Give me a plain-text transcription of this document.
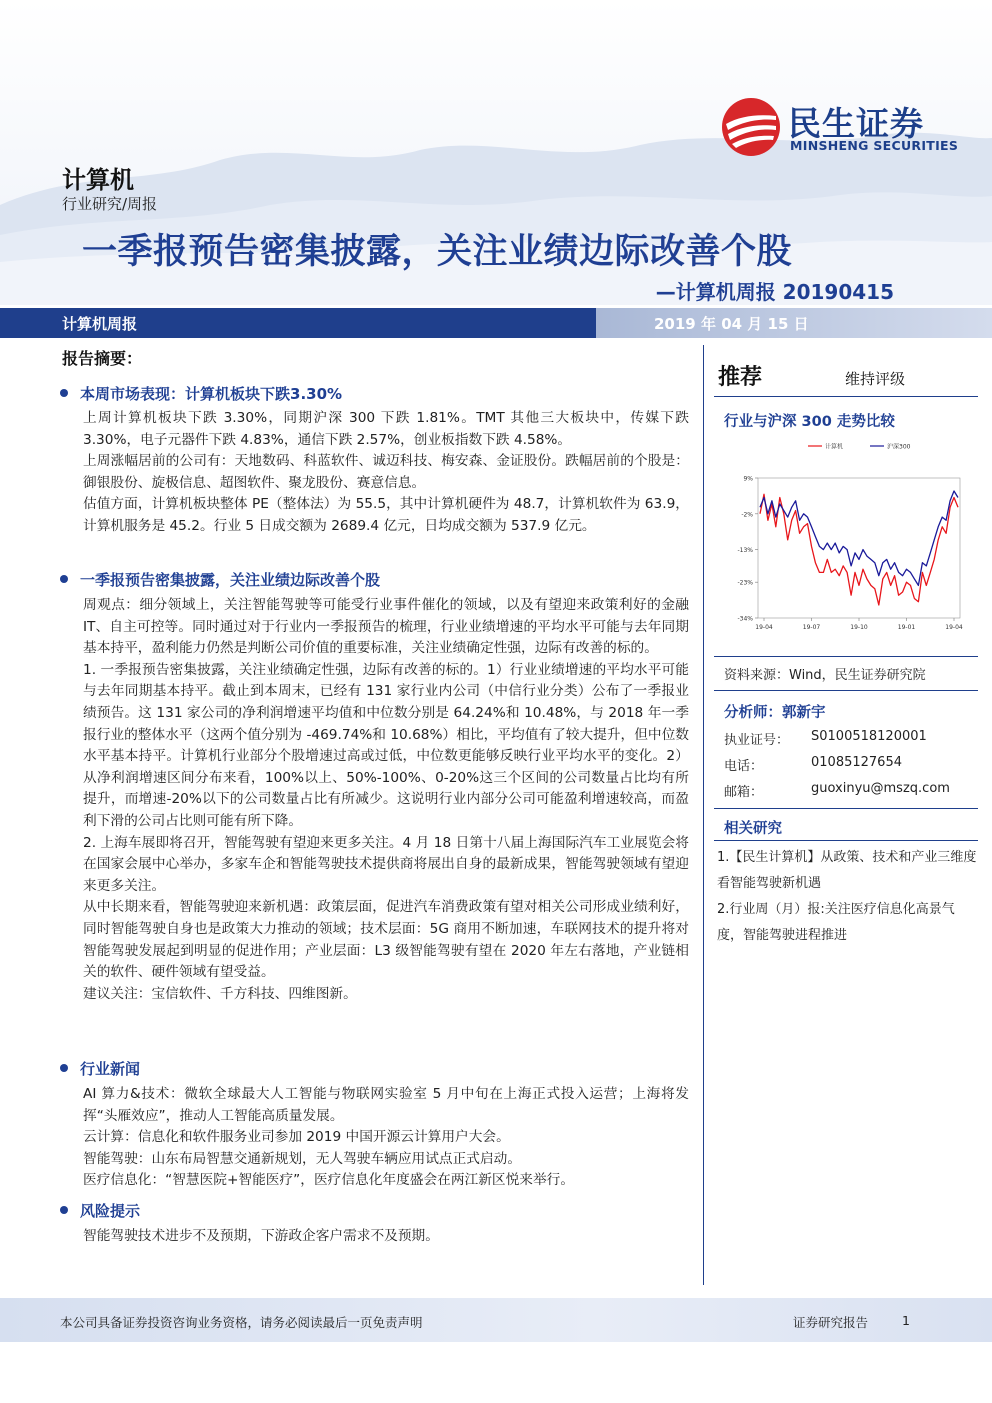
民生证券
MINSHENG SECURITIES
计算机
行业研究/周报
一季报预告密集披露，关注业绩边际改善个股
—计算机周报 20190415
计算机周报	2019 年 04 月 15 日
报告摘要：
本周市场表现：计算机板块下跌3.30%

上周计算机板块下跌 3.30%，同期沪深 300 下跌 1.81%。TMT 其他三大板块中，传媒下跌 3.30%，电子元器件下跌 4.83%，通信下跌 2.57%，创业板指数下跌 4.58%。

上周涨幅居前的公司有：天地数码、科蓝软件、诚迈科技、梅安森、金证股份。跌幅居前的个股是：御银股份、旋极信息、超图软件、聚龙股份、赛意信息。

估值方面，计算机板块整体 PE（整体法）为 55.5，其中计算机硬件为 48.7，计算机软件为 63.9，计算机服务是 45.2。行业 5 日成交额为 2689.4 亿元，日均成交额为 537.9 亿元。

一季报预告密集披露，关注业绩边际改善个股

周观点：细分领域上，关注智能驾驶等可能受行业事件催化的领域，以及有望迎来政策利好的金融 IT、自主可控等。同时通过对于行业内一季报预告的梳理，行业业绩增速的平均水平可能与去年同期基本持平，盈利能力仍然是判断公司价值的重要标准，关注业绩确定性强，边际有改善的标的。

1. 一季报预告密集披露，关注业绩确定性强，边际有改善的标的。1）行业业绩增速的平均水平可能与去年同期基本持平。截止到本周末，已经有 131 家行业内公司（中信行业分类）公布了一季报业绩预告。这 131 家公司的净利润增速平均值和中位数分别是 64.24%和 10.48%，与 2018 年一季报行业的整体水平（这两个值分别为 -469.74%和 10.68%）相比，平均值有了较大提升，但中位数水平基本持平。计算机行业部分个股增速过高或过低，中位数更能够反映行业平均水平的变化。2）从净利润增速区间分布来看，100%以上、50%-100%、0-20%这三个区间的公司数量占比均有所提升，而增速-20%以下的公司数量占比有所减少。这说明行业内部分公司可能盈利增速较高，而盈利下滑的公司占比则可能有所下降。

2. 上海车展即将召开，智能驾驶有望迎来更多关注。4 月 18 日第十八届上海国际汽车工业展览会将在国家会展中心举办，多家车企和智能驾驶技术提供商将展出自身的最新成果，智能驾驶领域有望迎来更多关注。

从中长期来看，智能驾驶迎来新机遇：政策层面，促进汽车消费政策有望对相关公司形成业绩利好，同时智能驾驶自身也是政策大力推动的领域；技术层面：5G 商用不断加速，车联网技术的提升将对智能驾驶发展起到明显的促进作用；产业层面：L3 级智能驾驶有望在 2020 年左右落地，产业链相关的软件、硬件领域有望受益。

建议关注：宝信软件、千方科技、四维图新。

行业新闻

AI 算力&技术：微软全球最大人工智能与物联网实验室 5 月中旬在上海正式投入运营；上海将发挥“头雁效应”，推动人工智能高质量发展。

云计算：信息化和软件服务业司参加 2019 中国开源云计算用户大会。

智能驾驶：山东布局智慧交通新规划，无人驾驶车辆应用试点正式启动。

医疗信息化：“智慧医院+智能医疗”，医疗信息化年度盛会在两江新区悦来举行。

风险提示

智能驾驶技术进步不及预期，下游政企客户需求不及预期。

推荐	维持评级
行业与沪深 300 走势比较
9%
-2%
-13%
-23%
-34%
19-04	19-07	19-10	19-01	19-04
计算机	沪深300
资料来源：Wind，民生证券研究院
分析师：郭新宇
执业证号： S0100518120001
电话：	01085127654
邮箱：	guoxinyu@mszq.com
相关研究

1.【民生计算机】从政策、技术和产业三维度看智能驾驶新机遇

2.行业周（月）报:关注医疗信息化高景气度，智能驾驶进程推进

本公司具备证券投资咨询业务资格，请务必阅读最后一页免责声明	证券研究报告	1
